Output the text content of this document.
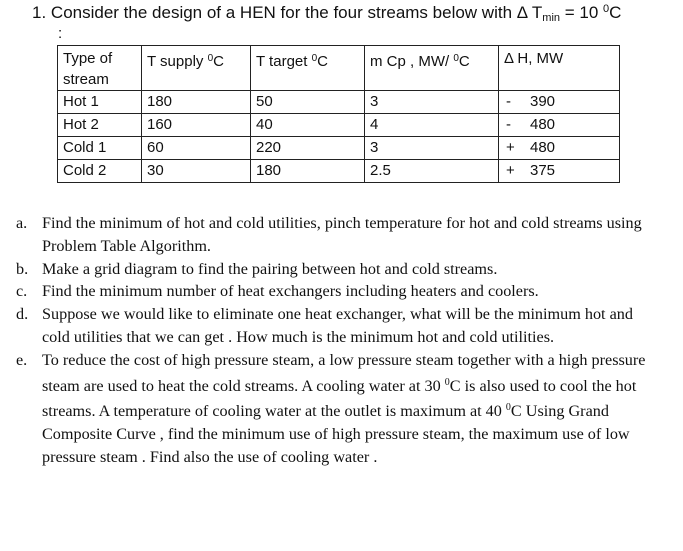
1. Consider the design of a HEN for the four streams below with Δ $T_{min} = 10$ $^0$C
:
Type of
stream	T supply $^0$C	T target $^0$C	m Cp , MW/ $^0$C	Δ H, MW
Hot 1	180	50	3	- 390
Hot 2	160	40	4	- 480
Cold 1	60	220	3	+ 480
Cold 2	30	180	2.5	+ 375
a. Find the minimum of hot and cold utilities, pinch temperature for hot and cold streams using Problem Table Algorithm.
b. Make a grid diagram to find the pairing between hot and cold streams.
c. Find the minimum number of heat exchangers including heaters and coolers.
d. Suppose we would like to eliminate one heat exchanger, what will be the minimum hot and cold utilities that we can get . How much is the minimum hot and cold utilities.
e. To reduce the cost of high pressure steam, a low pressure steam together with a high pressure steam are used to heat the cold streams. A cooling water at 30 $^0$C is also used to cool the hot streams. A temperature of cooling water at the outlet is maximum at 40 $^0$C Using Grand Composite Curve , find the minimum use of high pressure steam, the maximum use of low pressure steam . Find also the use of cooling water .
